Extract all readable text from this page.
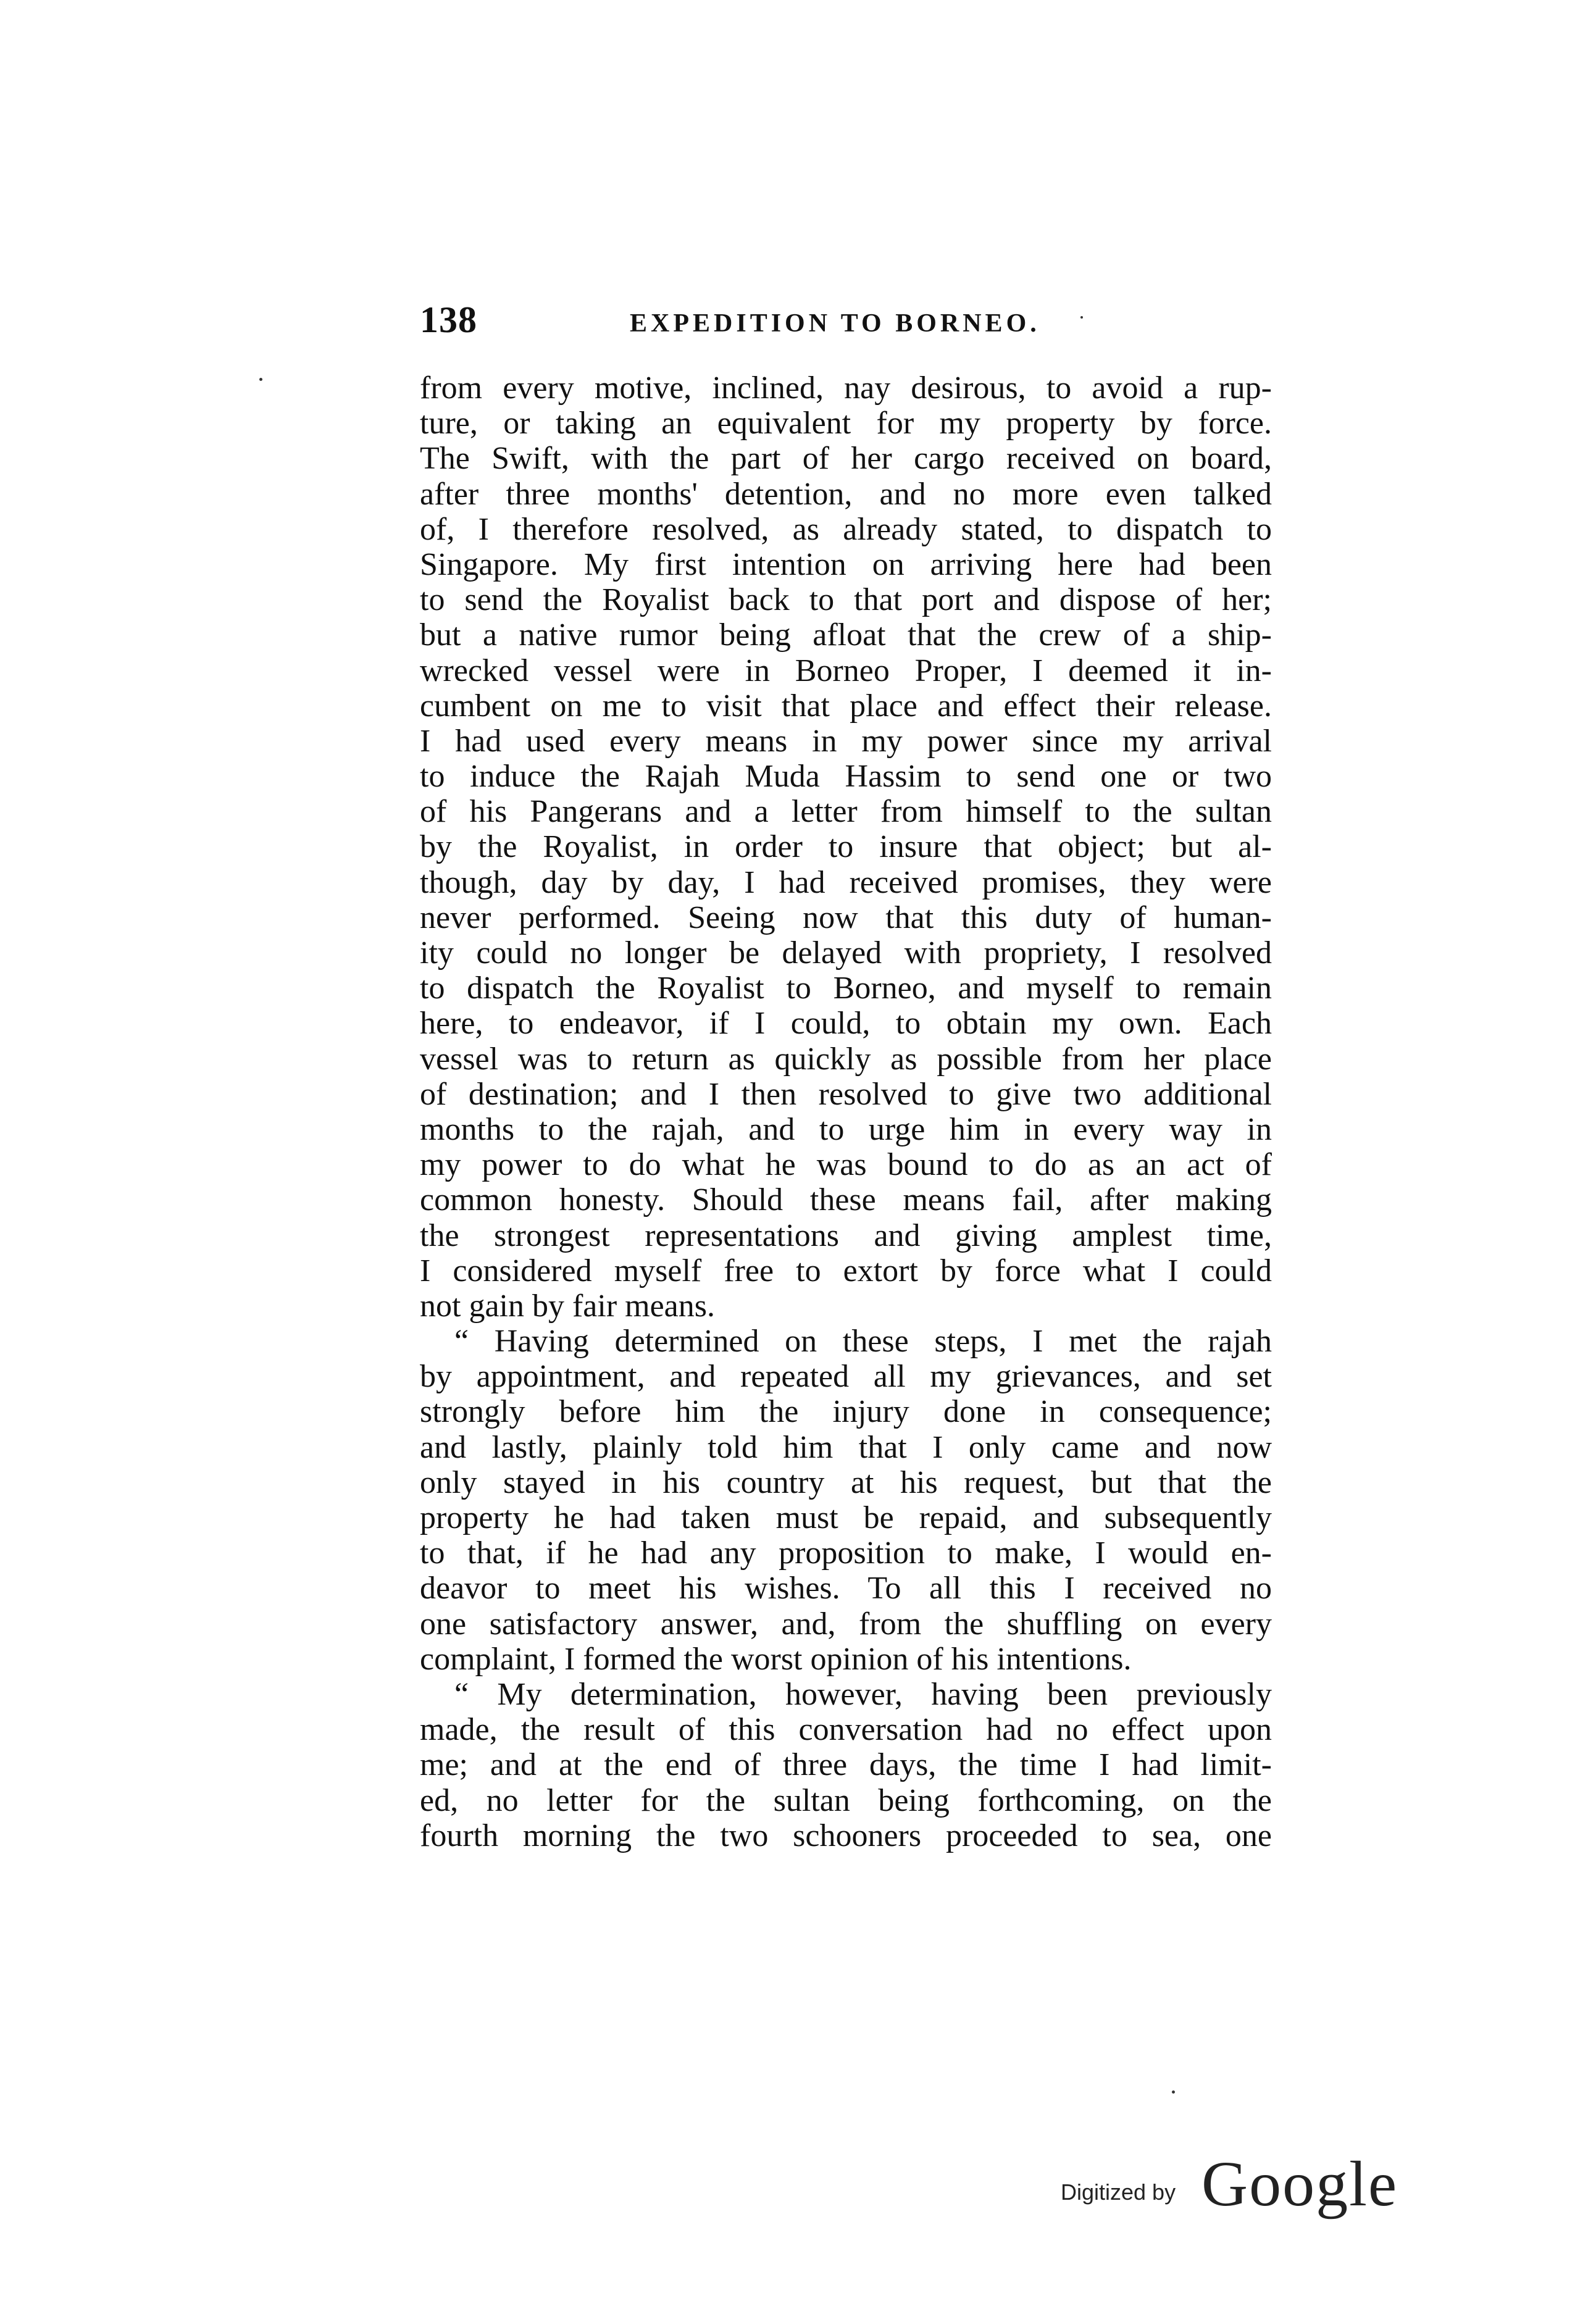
138	EXPEDITION TO BORNEO.
from every motive, inclined, nay desirous, to avoid a rup-
ture, or taking an equivalent for my property by force.
The Swift, with the part of her cargo received on board,
after three months' detention, and no more even talked
of, I therefore resolved, as already stated, to dispatch to
Singapore. My first intention on arriving here had been
to send the Royalist back to that port and dispose of her;
but a native rumor being afloat that the crew of a ship-
wrecked vessel were in Borneo Proper, I deemed it in-
cumbent on me to visit that place and effect their release.
I had used every means in my power since my arrival
to induce the Rajah Muda Hassim to send one or two
of his Pangerans and a letter from himself to the sultan
by the Royalist, in order to insure that object; but al-
though, day by day, I had received promises, they were
never performed. Seeing now that this duty of human-
ity could no longer be delayed with propriety, I resolved
to dispatch the Royalist to Borneo, and myself to remain
here, to endeavor, if I could, to obtain my own. Each
vessel was to return as quickly as possible from her place
of destination; and I then resolved to give two additional
months to the rajah, and to urge him in every way in
my power to do what he was bound to do as an act of
common honesty. Should these means fail, after making
the strongest representations and giving amplest time,
I considered myself free to extort by force what I could
not gain by fair means.
“ Having determined on these steps, I met the rajah
by appointment, and repeated all my grievances, and set
strongly before him the injury done in consequence;
and lastly, plainly told him that I only came and now
only stayed in his country at his request, but that the
property he had taken must be repaid, and subsequently
to that, if he had any proposition to make, I would en-
deavor to meet his wishes. To all this I received no
one satisfactory answer, and, from the shuffling on every
complaint, I formed the worst opinion of his intentions.
“ My determination, however, having been previously
made, the result of this conversation had no effect upon
me; and at the end of three days, the time I had limit-
ed, no letter for the sultan being forthcoming, on the
fourth morning the two schooners proceeded to sea, one
Digitized by Google
